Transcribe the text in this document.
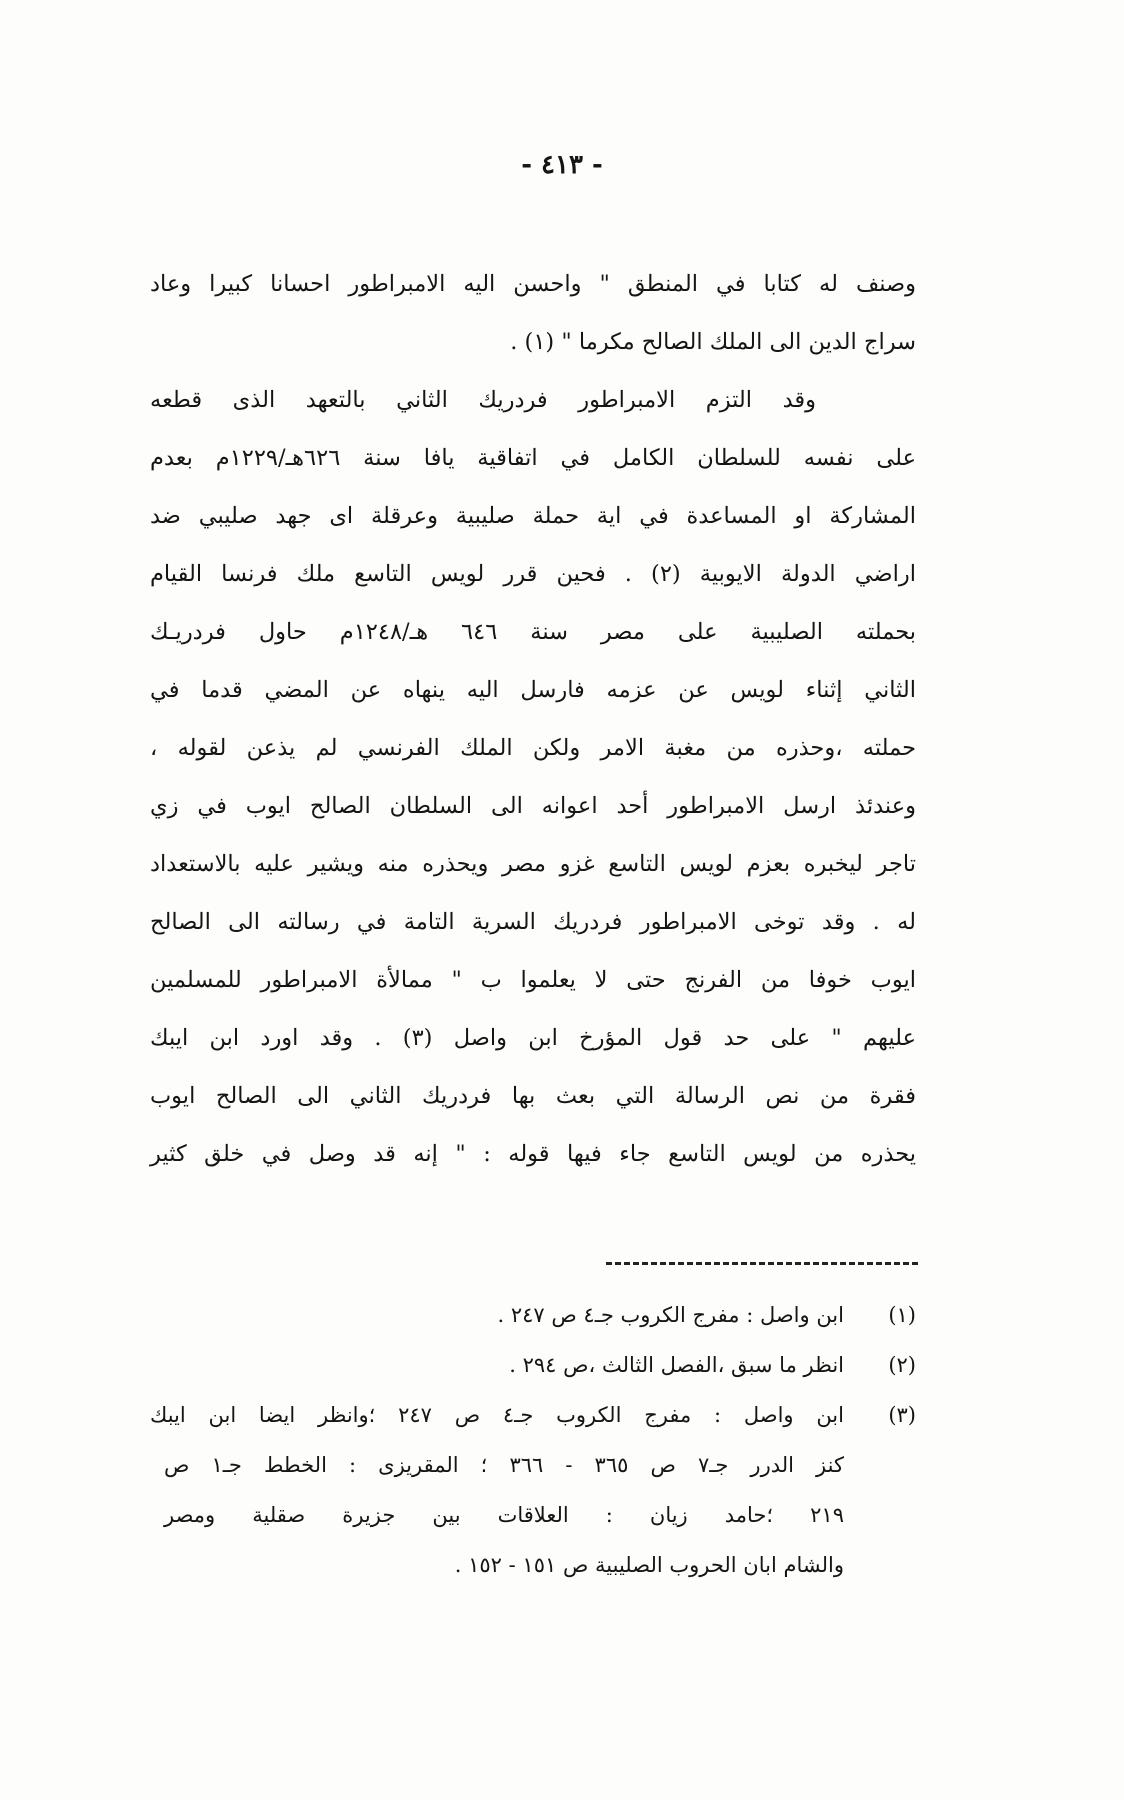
- ٤١٣ -
وصنف له كتابا في المنطق " واحسن اليه الامبراطور احسانا كبيرا وعاد
سراج الدين الى الملك الصالح مكرما " (١) .
وقد التزم الامبراطور فردريك الثاني بالتعهد الذى قطعه
على نفسه للسلطان الكامل في اتفاقية يافا سنة ٦٢٦هـ/١٢٢٩م بعدم
المشاركة او المساعدة في اية حملة صليبية وعرقلة اى جهد صليبي ضد
اراضي الدولة الايوبية (٢) . فحين قرر لويس التاسع ملك فرنسا القيام
بحملته الصليبية على مصر سنة ٦٤٦ هـ/١٢٤٨م حاول فردريـك
الثاني إثناء لويس عن عزمه فارسل اليه ينهاه عن المضي قدما في
حملته ،وحذره من مغبة الامر ولكن الملك الفرنسي لم يذعن لقوله ،
وعندئذ ارسل الامبراطور أحد اعوانه الى السلطان الصالح ايوب في زي
تاجر ليخبره بعزم لويس التاسع غزو مصر ويحذره منه ويشير عليه بالاستعداد
له . وقد توخى الامبراطور فردريك السرية التامة في رسالته الى الصالح
ايوب خوفا من الفرنج حتى لا يعلموا ب " ممالأة الامبراطور للمسلمين
عليهم " على حد قول المؤرخ ابن واصل (٣) . وقد اورد ابن ايبك
فقرة من نص الرسالة التي بعث بها فردريك الثاني الى الصالح ايوب
يحذره من لويس التاسع جاء فيها قوله : " إنه قد وصل في خلق كثير
(١)
ابن واصل : مفرج الكروب جـ٤ ص ٢٤٧ .
(٢)
انظر ما سبق ،الفصل الثالث ،ص ٢٩٤ .
(٣)
ابن واصل : مفرج الكروب جـ٤ ص ٢٤٧ ؛وانظر ايضا ابن ايبك
كنز الدرر جـ٧ ص ٣٦٥ - ٣٦٦ ؛ المقريزى : الخطط جـ١ ص
٢١٩ ؛حامد زيان : العلاقات بين جزيرة صقلية ومصر
والشام ابان الحروب الصليبية ص ١٥١ - ١٥٢ .
